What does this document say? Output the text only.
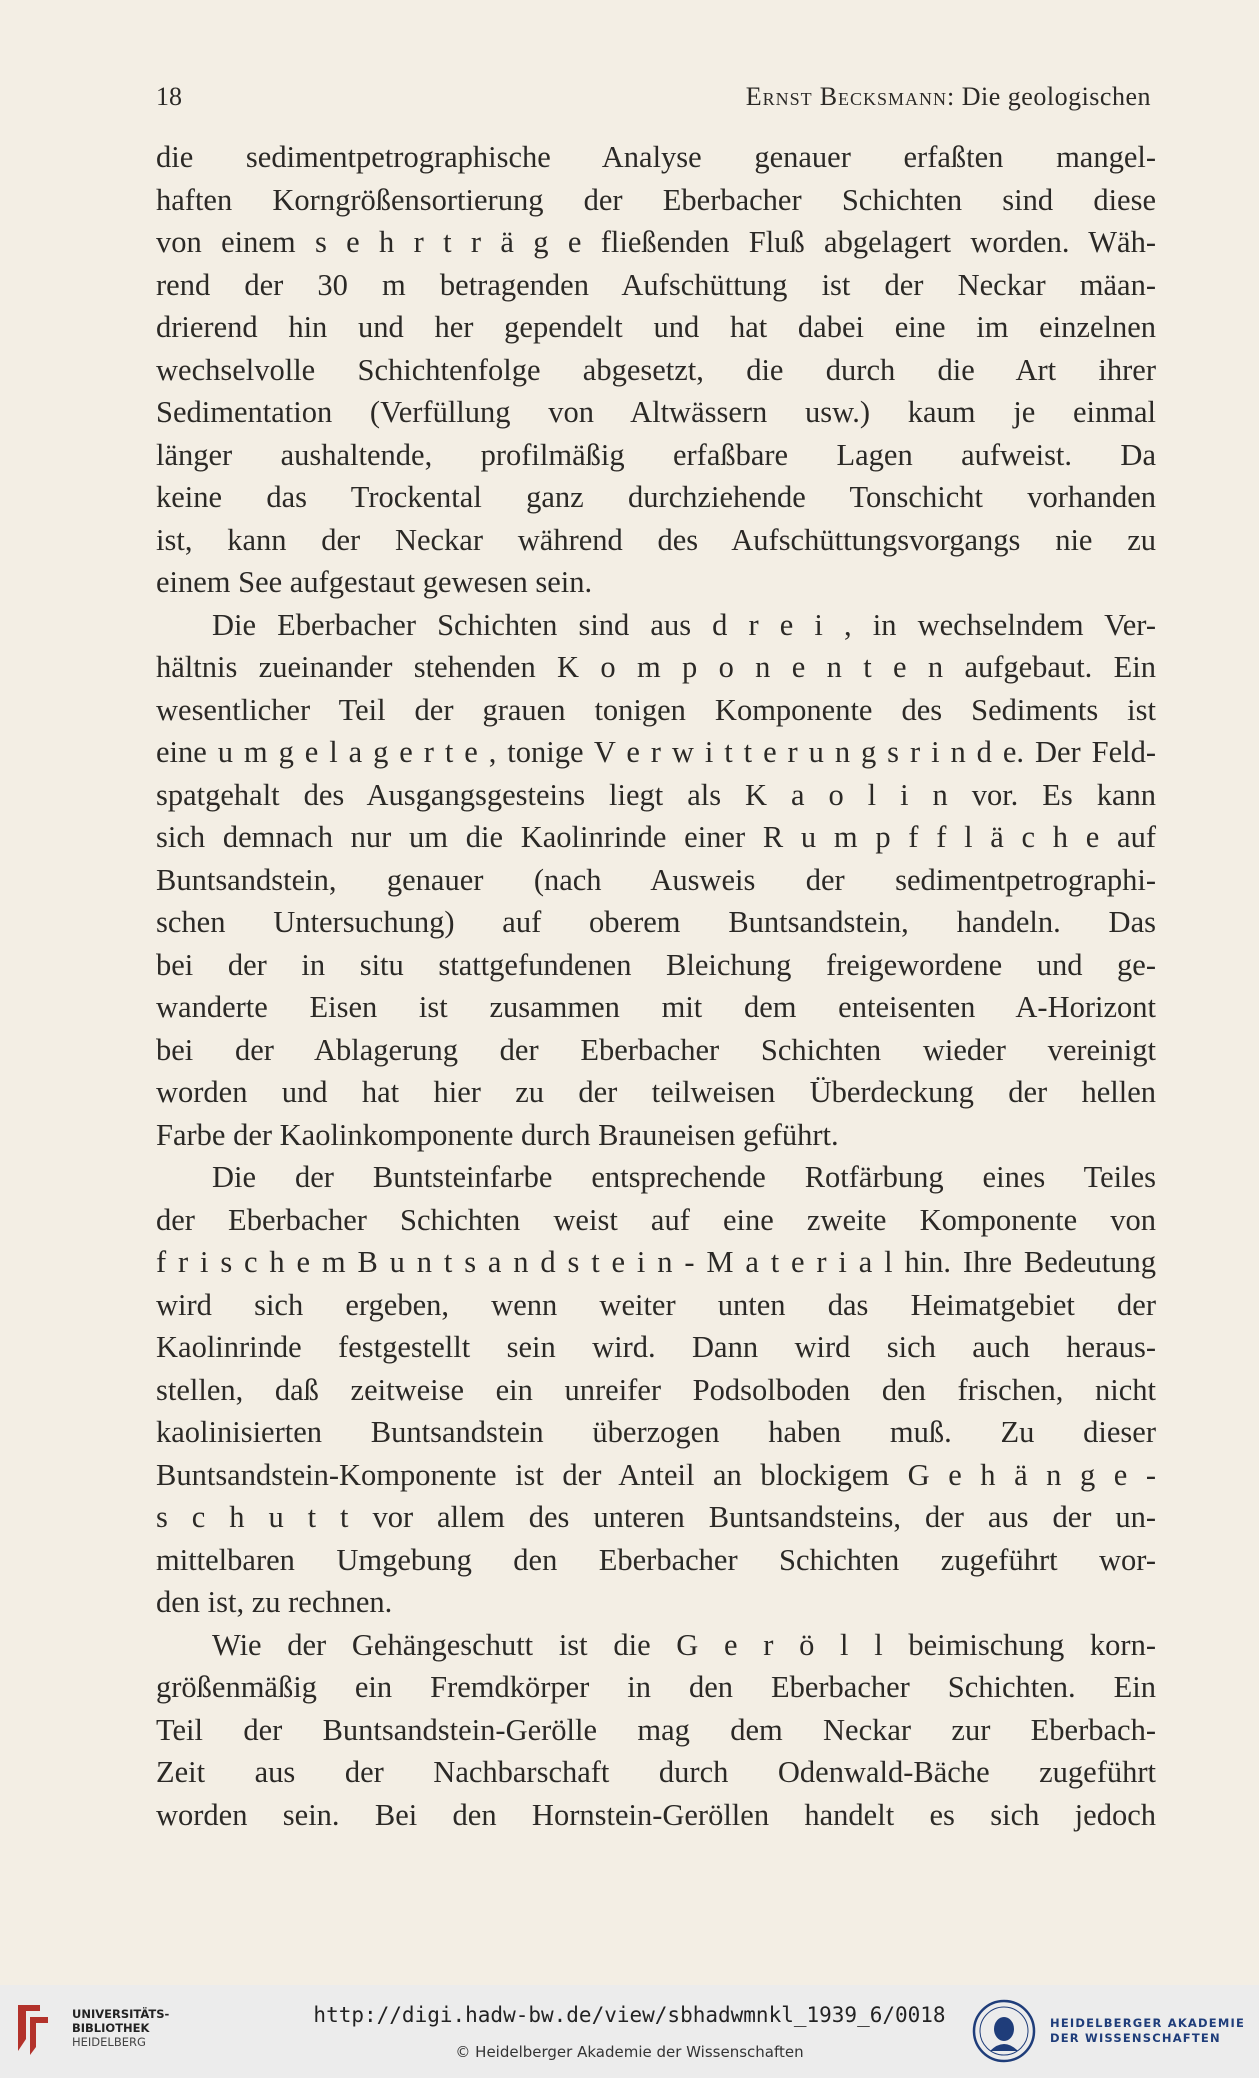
18	Ernst Becksmann: Die geologischen
die sedimentpetrographische Analyse genauer erfaßten mangel-
haften Korngrößensortierung der Eberbacher Schichten sind diese
von einem s e h r t r ä g e fließenden Fluß abgelagert worden. Wäh-
rend der 30 m betragenden Aufschüttung ist der Neckar mäan-
drierend hin und her gependelt und hat dabei eine im einzelnen
wechselvolle Schichtenfolge abgesetzt, die durch die Art ihrer
Sedimentation (Verfüllung von Altwässern usw.) kaum je einmal
länger aushaltende, profilmäßig erfaßbare Lagen aufweist. Da
keine das Trockental ganz durchziehende Tonschicht vorhanden
ist, kann der Neckar während des Aufschüttungsvorgangs nie zu
einem See aufgestaut gewesen sein.
Die Eberbacher Schichten sind aus d r e i , in wechselndem Ver-
hältnis zueinander stehenden K o m p o n e n t e n aufgebaut. Ein
wesentlicher Teil der grauen tonigen Komponente des Sediments ist
eine u m g e l a g e r t e , tonige V e r w i t t e r u n g s r i n d e. Der Feld-
spatgehalt des Ausgangsgesteins liegt als K a o l i n vor. Es kann
sich demnach nur um die Kaolinrinde einer R u m p f f l ä c h e auf
Buntsandstein, genauer (nach Ausweis der sedimentpetrographi-
schen Untersuchung) auf oberem Buntsandstein, handeln. Das
bei der in situ stattgefundenen Bleichung freigewordene und ge-
wanderte Eisen ist zusammen mit dem enteisenten A-Horizont
bei der Ablagerung der Eberbacher Schichten wieder vereinigt
worden und hat hier zu der teilweisen Überdeckung der hellen
Farbe der Kaolinkomponente durch Brauneisen geführt.
Die der Buntsteinfarbe entsprechende Rotfärbung eines Teiles
der Eberbacher Schichten weist auf eine zweite Komponente von
f r i s c h e m B u n t s a n d s t e i n - M a t e r i a l hin. Ihre Bedeutung
wird sich ergeben, wenn weiter unten das Heimatgebiet der
Kaolinrinde festgestellt sein wird. Dann wird sich auch heraus-
stellen, daß zeitweise ein unreifer Podsolboden den frischen, nicht
kaolinisierten Buntsandstein überzogen haben muß. Zu dieser
Buntsandstein-Komponente ist der Anteil an blockigem G e h ä n g e -
s c h u t t vor allem des unteren Buntsandsteins, der aus der un-
mittelbaren Umgebung den Eberbacher Schichten zugeführt wor-
den ist, zu rechnen.
Wie der Gehängeschutt ist die G e r ö l l beimischung korn-
größenmäßig ein Fremdkörper in den Eberbacher Schichten. Ein
Teil der Buntsandstein-Gerölle mag dem Neckar zur Eberbach-
Zeit aus der Nachbarschaft durch Odenwald-Bäche zugeführt
worden sein. Bei den Hornstein-Geröllen handelt es sich jedoch
UNIVERSITÄTS-
BIBLIOTHEK
HEIDELBERG
http://digi.hadw-bw.de/view/sbhadwmnkl_1939_6/0018
© Heidelberger Akademie der Wissenschaften
HEIDELBERGER AKADEMIE
DER WISSENSCHAFTEN
